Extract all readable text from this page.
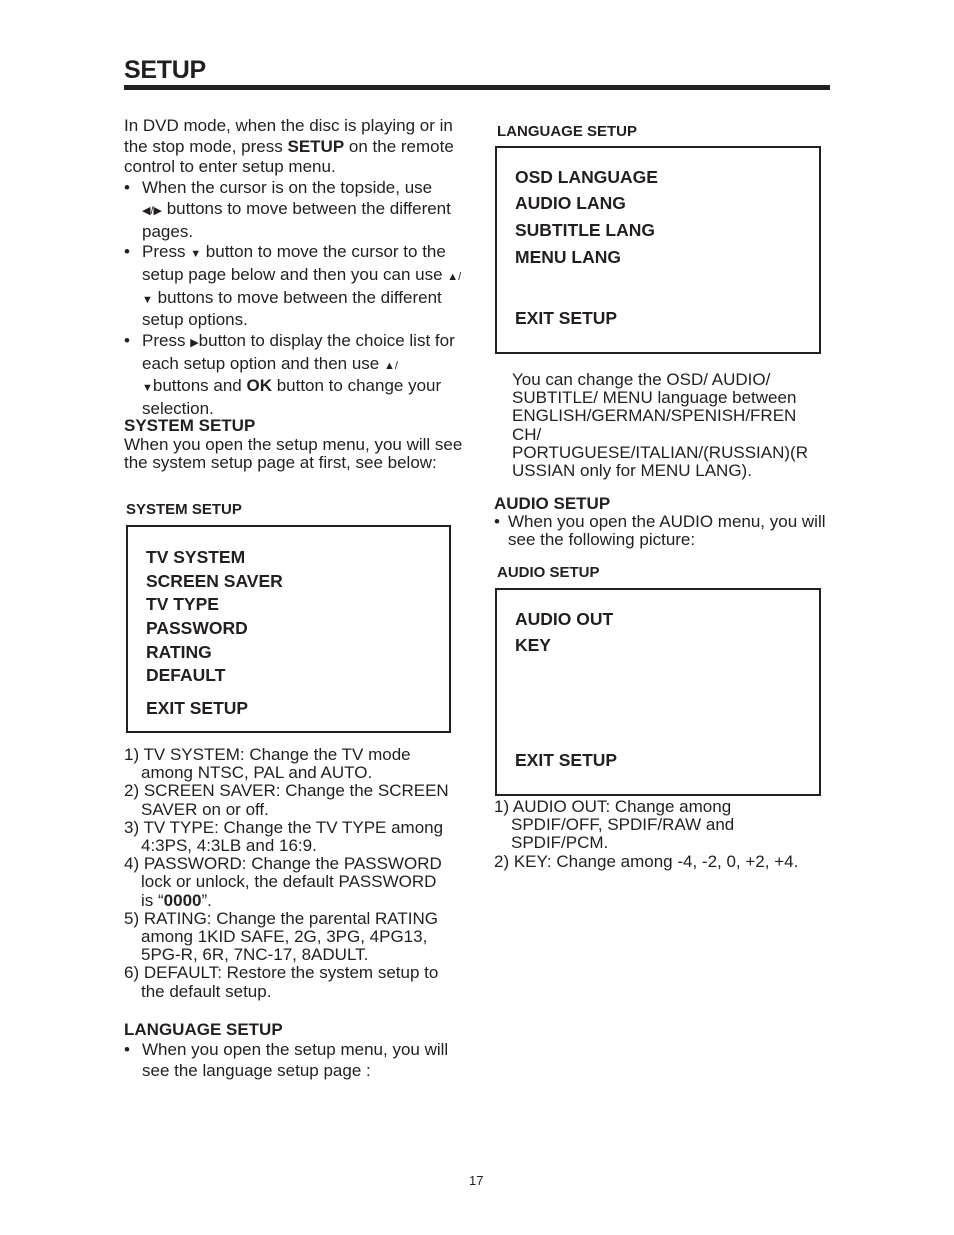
SETUP

In DVD mode, when the disc is playing or in the stop mode, press SETUP on the remote control to enter setup menu.

• When the cursor is on the topside, use
◀/▶ buttons to move between the different pages.

• Press ▼ button to move the cursor to the setup page below and then you can use ▲/▼ buttons to move between the different setup options.

• Press ▶button to display the choice list for each setup option and then use ▲/▼buttons and OK button to change your selection.

SYSTEM SETUP
When you open the setup menu, you will see the system setup page at first, see below:
SYSTEM SETUP
TV SYSTEM
SCREEN SAVER
TV TYPE
PASSWORD
RATING
DEFAULT
EXIT SETUP

1) TV SYSTEM: Change the TV mode

among NTSC, PAL and AUTO.

2) SCREEN SAVER: Change the SCREEN

SAVER on or off.

3) TV TYPE: Change the TV TYPE among

4:3PS, 4:3LB and 16:9.

4) PASSWORD: Change the PASSWORD

lock or unlock, the default PASSWORD

is “0000”.

5) RATING: Change the parental RATING

among 1KID SAFE, 2G, 3PG, 4PG13,

5PG-R, 6R, 7NC-17, 8ADULT.

6) DEFAULT: Restore the system setup to

the default setup.

LANGUAGE SETUP

• When you open the setup menu, you will see the language setup page :

LANGUAGE SETUP
OSD LANGUAGE
AUDIO LANG
SUBTITLE LANG
MENU LANG
EXIT SETUP

You can change the OSD/ AUDIO/

SUBTITLE/ MENU language between

ENGLISH/GERMAN/SPENISH/FREN

CH/

PORTUGUESE/ITALIAN/(RUSSIAN)(R

USSIAN only for MENU LANG).

AUDIO SETUP

• When you open the AUDIO menu, you will see the following picture:

AUDIO SETUP
AUDIO OUT
KEY
EXIT SETUP

1) AUDIO OUT: Change among

SPDIF/OFF, SPDIF/RAW and

SPDIF/PCM.

2) KEY: Change among -4, -2, 0, +2, +4.

17
